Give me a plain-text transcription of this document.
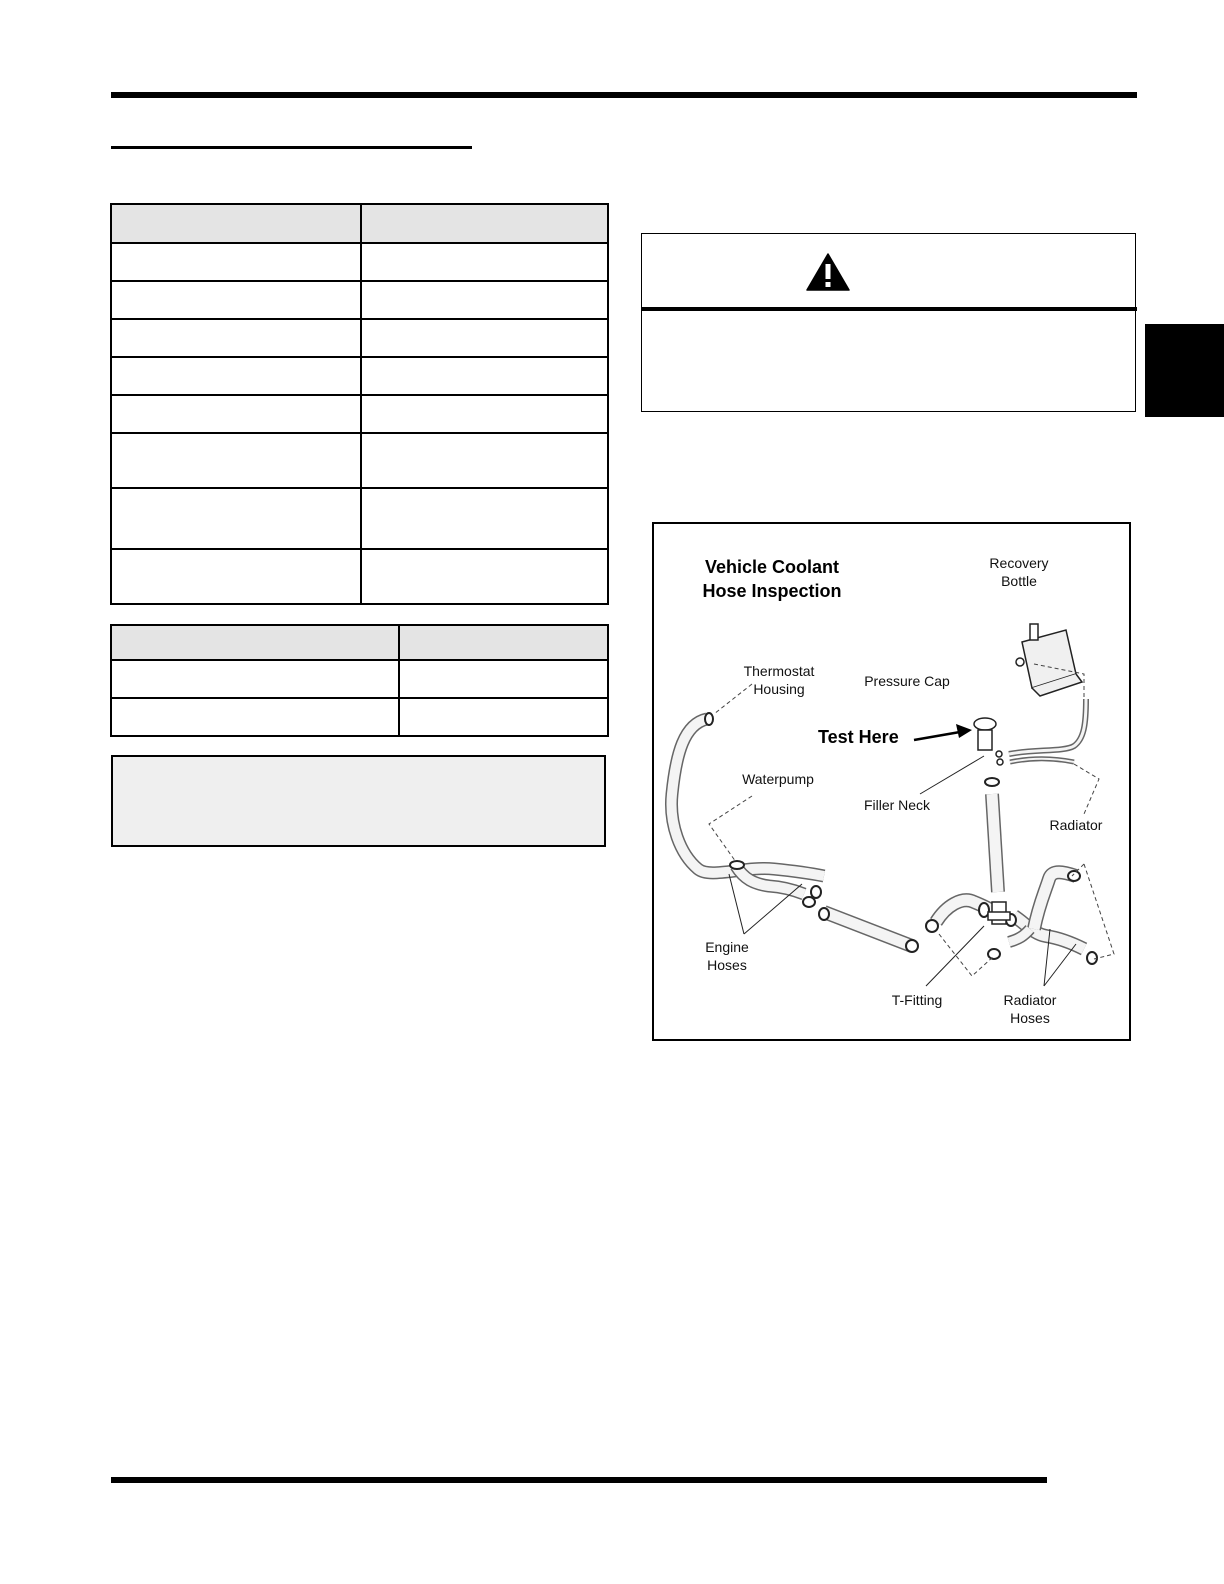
Vehicle Coolant Hose Inspection
Recovery Bottle
Thermostat Housing	Pressure Cap
Test Here
Waterpump
Filler Neck
Radiator
Engine Hoses
T-Fitting	Radiator Hoses
